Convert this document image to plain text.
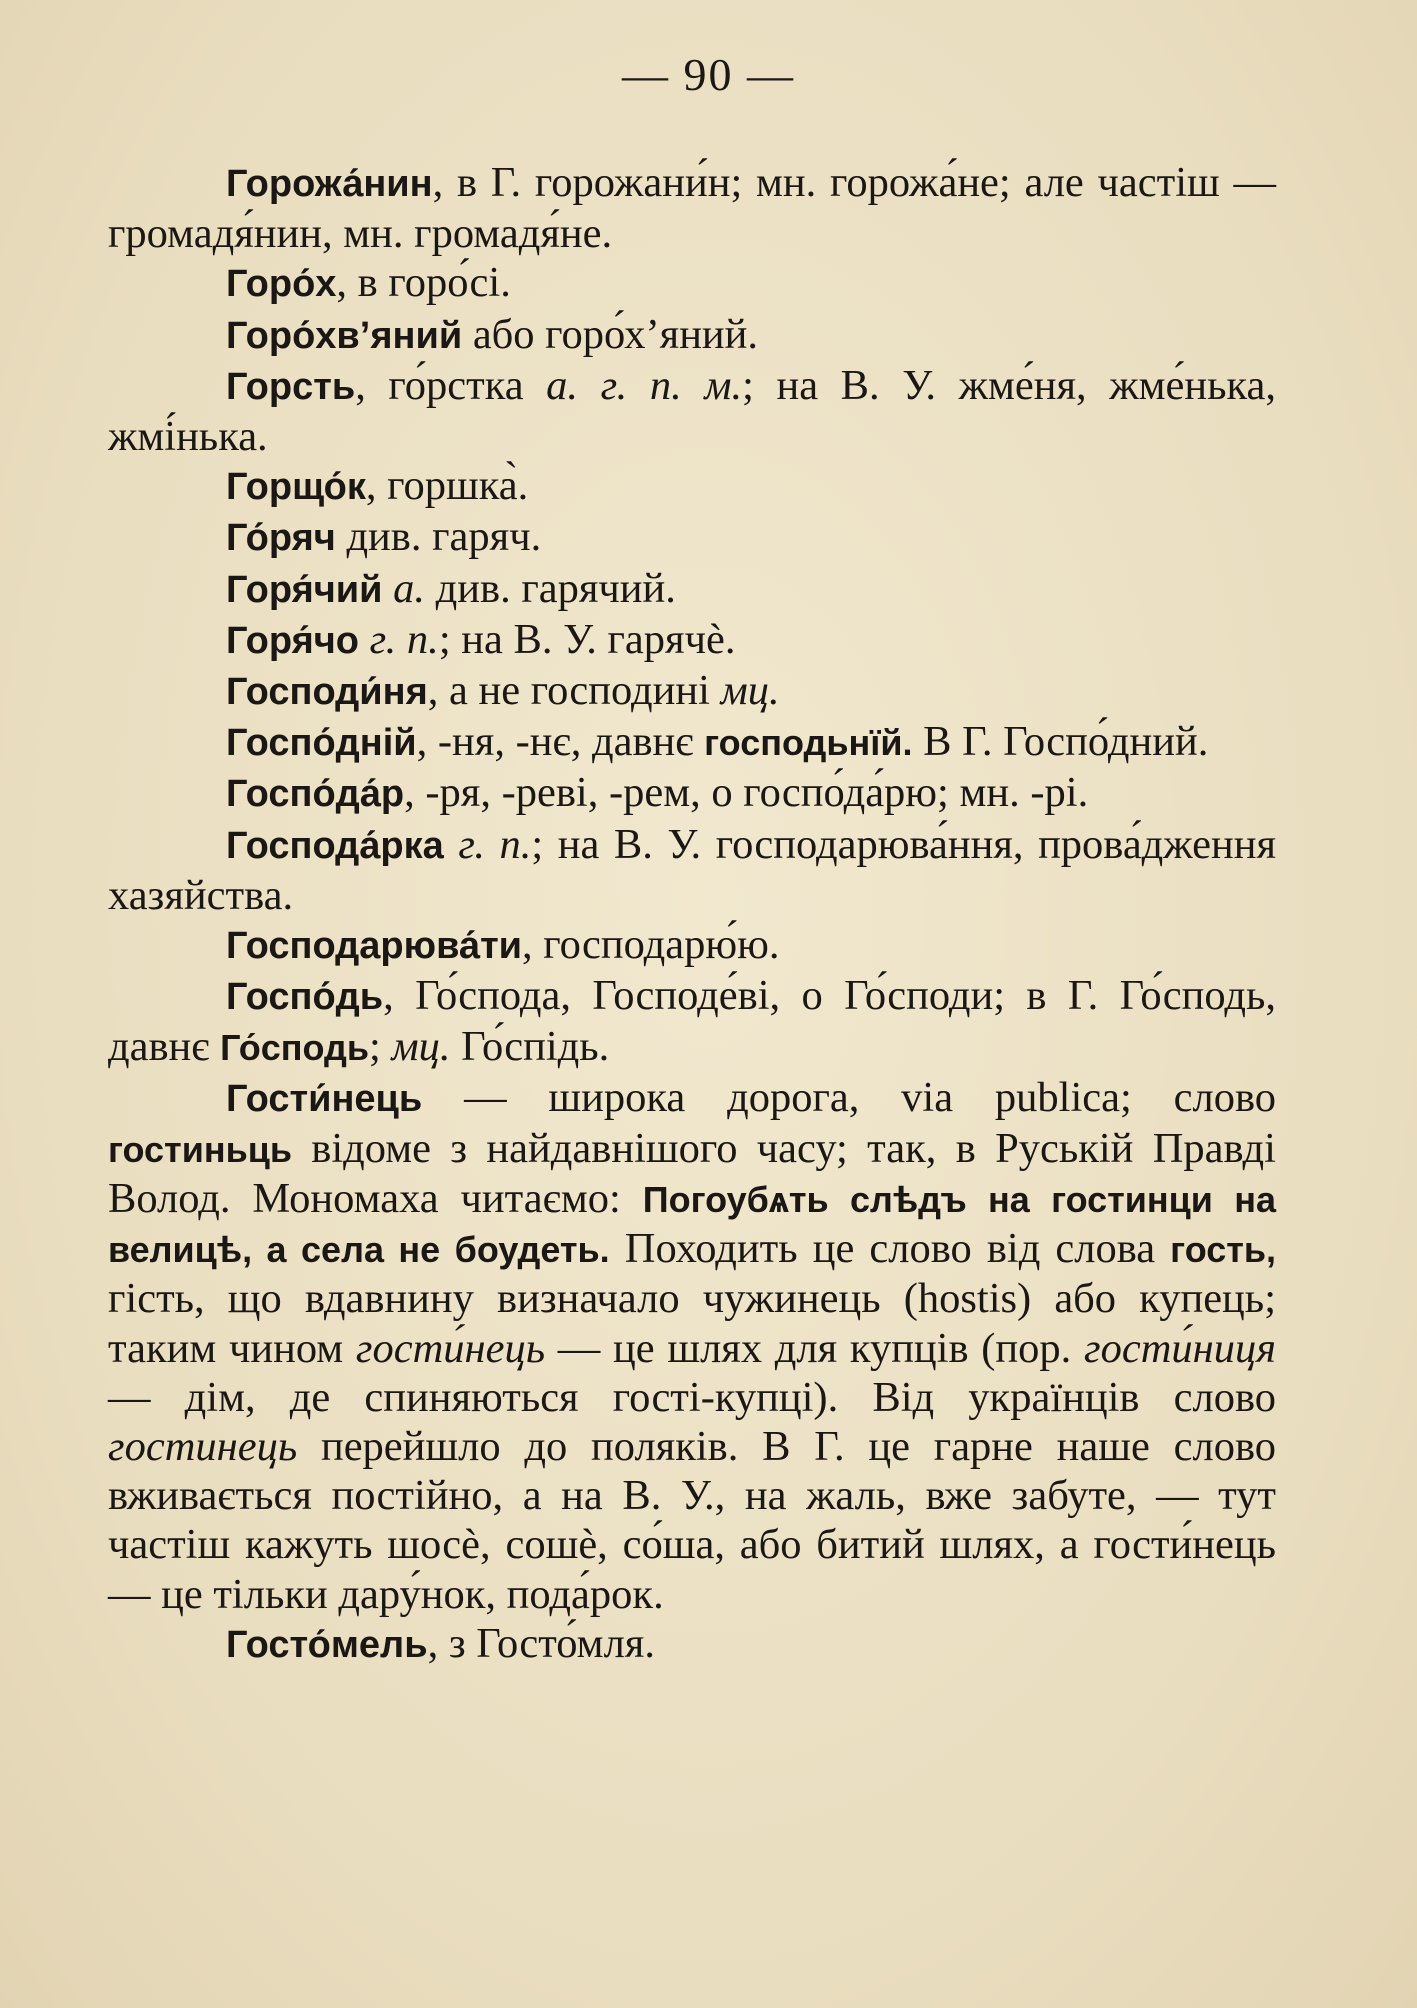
— 90 —

Горожа́нин, в Г. горожани́н; мн. горожа́не; але частіш — громадя́нин, мн. громадя́не.

Горо́х, в горо́сі.

Горо́хв’яний або горо́х’яний.

Горсть, го́рстка а. г. п. м.; на В. У. жме́ня, жме́нька, жмі́нька.

Горщо́к, горшка̀.

Го́ряч див. гаряч.

Горя́чий а. див. гарячий.

Горя́чо г. п.; на В. У. гарячѐ.

Господи́ня, а не господині мц.

Госпо́дній, -ня, -нє, давнє господьнїй. В Г. Госпо́дний.

Госпо́да́р, -ря, -реві, -рем, о госпо́да́рю; мн. -рі.

Господа́рка г. п.; на В. У. господарюва́ння, прова́дження хазяйства.

Господарюва́ти, господарю́ю.

Госпо́дь, Го́спода, Господе́ві, о Го́споди; в Г. Го́сподь, давнє Го́сподь; мц. Го́спідь.

Гости́нець — широка дорога, via publica; слово гостиньць відоме з найдавнішого часу; так, в Руській Правді Волод. Мономаха читаємо: Погоубѧть слѣдъ на гостинци на велицѣ, а села не боудеть. Походить це слово від слова гость, гість, що вдавнину визначало чужинець (hostis) або купець; таким чином гости́нець — це шлях для купців (пор. гости́ниця — дім, де спиняються гості-купці). Від українців слово гостинець перейшло до поляків. В Г. це гарне наше слово вживається постійно, а на В. У., на жаль, вже забуте, — тут частіш кажуть шосѐ, сошѐ, со́ша, або битий шлях, а гости́нець — це тільки дару́нок, пода́рок.

Госто́мель, з Госто́мля.
